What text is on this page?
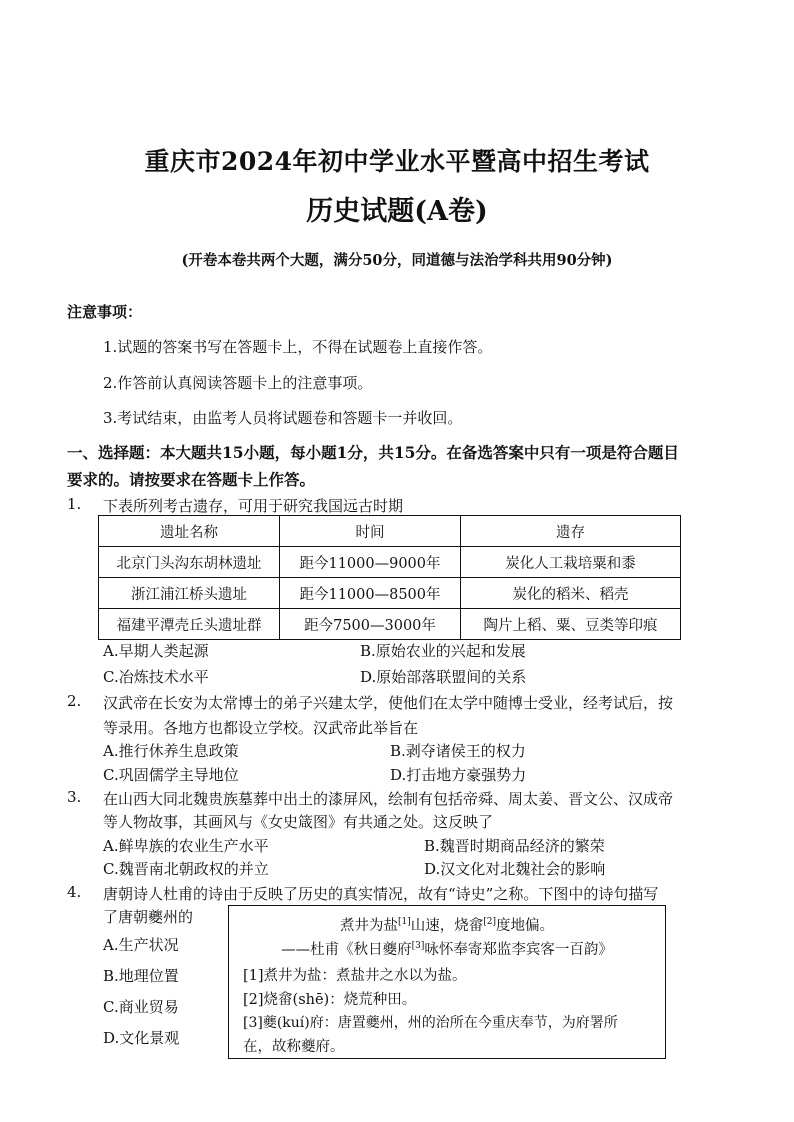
重庆市2024年初中学业水平暨高中招生考试
历史试题(A卷)
(开卷本卷共两个大题，满分50分，同道德与法治学科共用90分钟)
注意事项：
1.试题的答案书写在答题卡上，不得在试题卷上直接作答。
2.作答前认真阅读答题卡上的注意事项。
3.考试结束，由监考人员将试题卷和答题卡一并收回。
一、选择题：本大题共15小题，每小题1分，共15分。在备选答案中只有一项是符合题目
要求的。请按要求在答题卡上作答。
1. 下表所列考古遗存，可用于研究我国远古时期
遗址名称	时间	遗存
北京门头沟东胡林遗址	距今11000—9000年	炭化人工栽培粟和黍
浙江浦江桥头遗址	距今11000—8500年	炭化的稻米、稻壳
福建平潭壳丘头遗址群	距今7500—3000年	陶片上稻、粟、豆类等印痕
A.早期人类起源	B.原始农业的兴起和发展
C.冶炼技术水平	D.原始部落联盟间的关系
2. 汉武帝在长安为太常博士的弟子兴建太学，使他们在太学中随博士受业，经考试后，按
等录用。各地方也都设立学校。汉武帝此举旨在
A.推行休养生息政策	B.剥夺诸侯王的权力
C.巩固儒学主导地位	D.打击地方豪强势力
3. 在山西大同北魏贵族墓葬中出土的漆屏风，绘制有包括帝舜、周太姜、晋文公、汉成帝
等人物故事，其画风与《女史箴图》有共通之处。这反映了
A.鲜卑族的农业生产水平	B.魏晋时期商品经济的繁荣
C.魏晋南北朝政权的并立	D.汉文化对北魏社会的影响
4. 唐朝诗人杜甫的诗由于反映了历史的真实情况，故有“诗史”之称。下图中的诗句描写
了唐朝夔州的
A.生产状况
B.地理位置
C.商业贸易
D.文化景观
煮井为盐[1]山速，烧畲[2]度地偏。
——杜甫《秋日夔府[3]咏怀奉寄郑监李宾客一百韵》
[1]煮井为盐：煮盐井之水以为盐。
[2]烧畲(shē)：烧荒种田。
[3]夔(kuí)府：唐置夔州，州的治所在今重庆奉节，为府署所
在，故称夔府。
